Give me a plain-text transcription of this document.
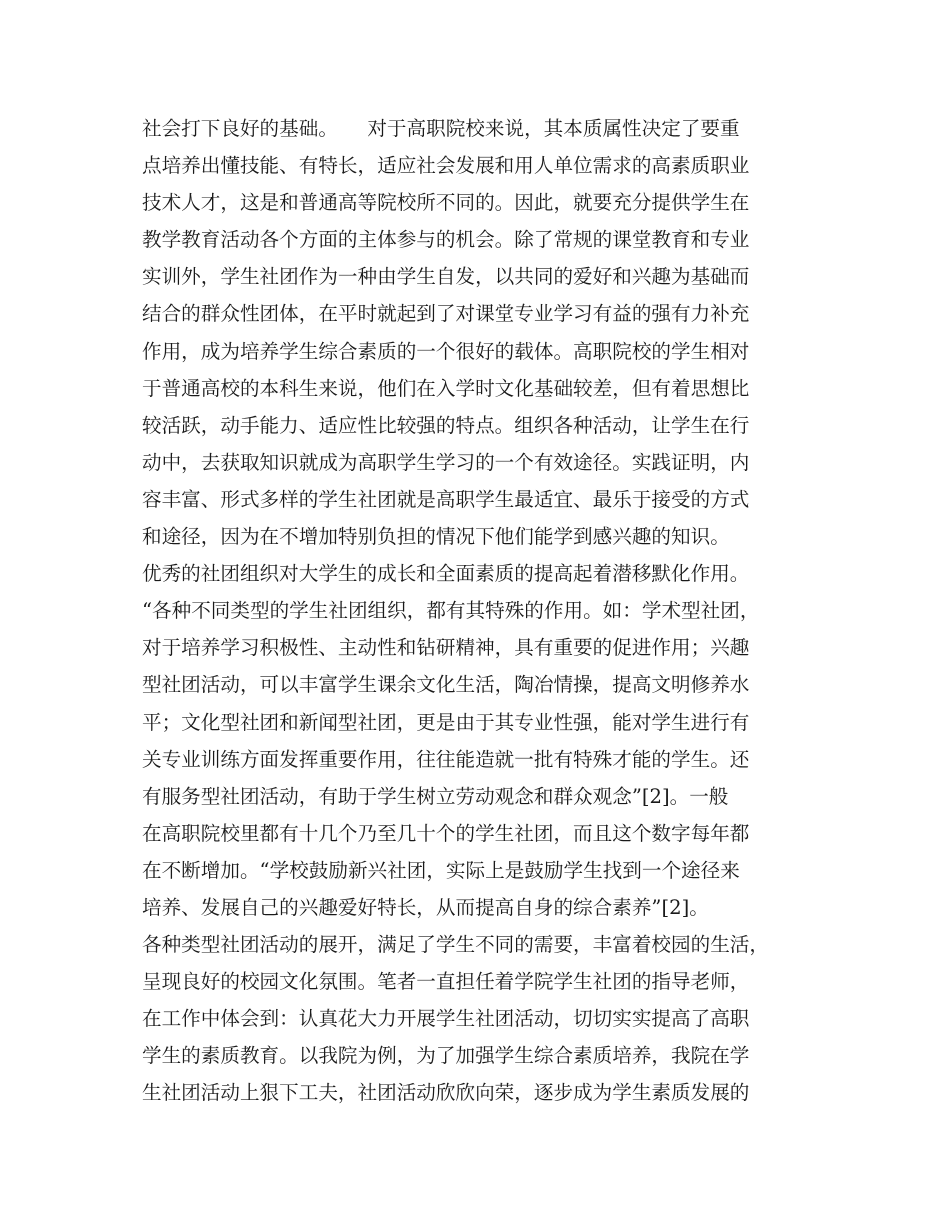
社会打下良好的基础。　　对于高职院校来说，其本质属性决定了要重
点培养出懂技能、有特长，适应社会发展和用人单位需求的高素质职业
技术人才，这是和普通高等院校所不同的。因此，就要充分提供学生在
教学教育活动各个方面的主体参与的机会。除了常规的课堂教育和专业
实训外，学生社团作为一种由学生自发，以共同的爱好和兴趣为基础而
结合的群众性团体，在平时就起到了对课堂专业学习有益的强有力补充
作用，成为培养学生综合素质的一个很好的载体。高职院校的学生相对
于普通高校的本科生来说，他们在入学时文化基础较差，但有着思想比
较活跃，动手能力、适应性比较强的特点。组织各种活动，让学生在行
动中，去获取知识就成为高职学生学习的一个有效途径。实践证明，内
容丰富、形式多样的学生社团就是高职学生最适宜、最乐于接受的方式
和途径，因为在不增加特别负担的情况下他们能学到感兴趣的知识。
优秀的社团组织对大学生的成长和全面素质的提高起着潜移默化作用。
“各种不同类型的学生社团组织，都有其特殊的作用。如：学术型社团，
对于培养学习积极性、主动性和钻研精神，具有重要的促进作用；兴趣
型社团活动，可以丰富学生课余文化生活，陶冶情操，提高文明修养水
平；文化型社团和新闻型社团，更是由于其专业性强，能对学生进行有
关专业训练方面发挥重要作用，往往能造就一批有特殊才能的学生。还
有服务型社团活动，有助于学生树立劳动观念和群众观念”[2]。一般
在高职院校里都有十几个乃至几十个的学生社团，而且这个数字每年都
在不断增加。“学校鼓励新兴社团，实际上是鼓励学生找到一个途径来
培养、发展自己的兴趣爱好特长，从而提高自身的综合素养”[2]。
各种类型社团活动的展开，满足了学生不同的需要，丰富着校园的生活，
呈现良好的校园文化氛围。笔者一直担任着学院学生社团的指导老师，
在工作中体会到：认真花大力开展学生社团活动，切切实实提高了高职
学生的素质教育。以我院为例，为了加强学生综合素质培养，我院在学
生社团活动上狠下工夫，社团活动欣欣向荣，逐步成为学生素质发展的
